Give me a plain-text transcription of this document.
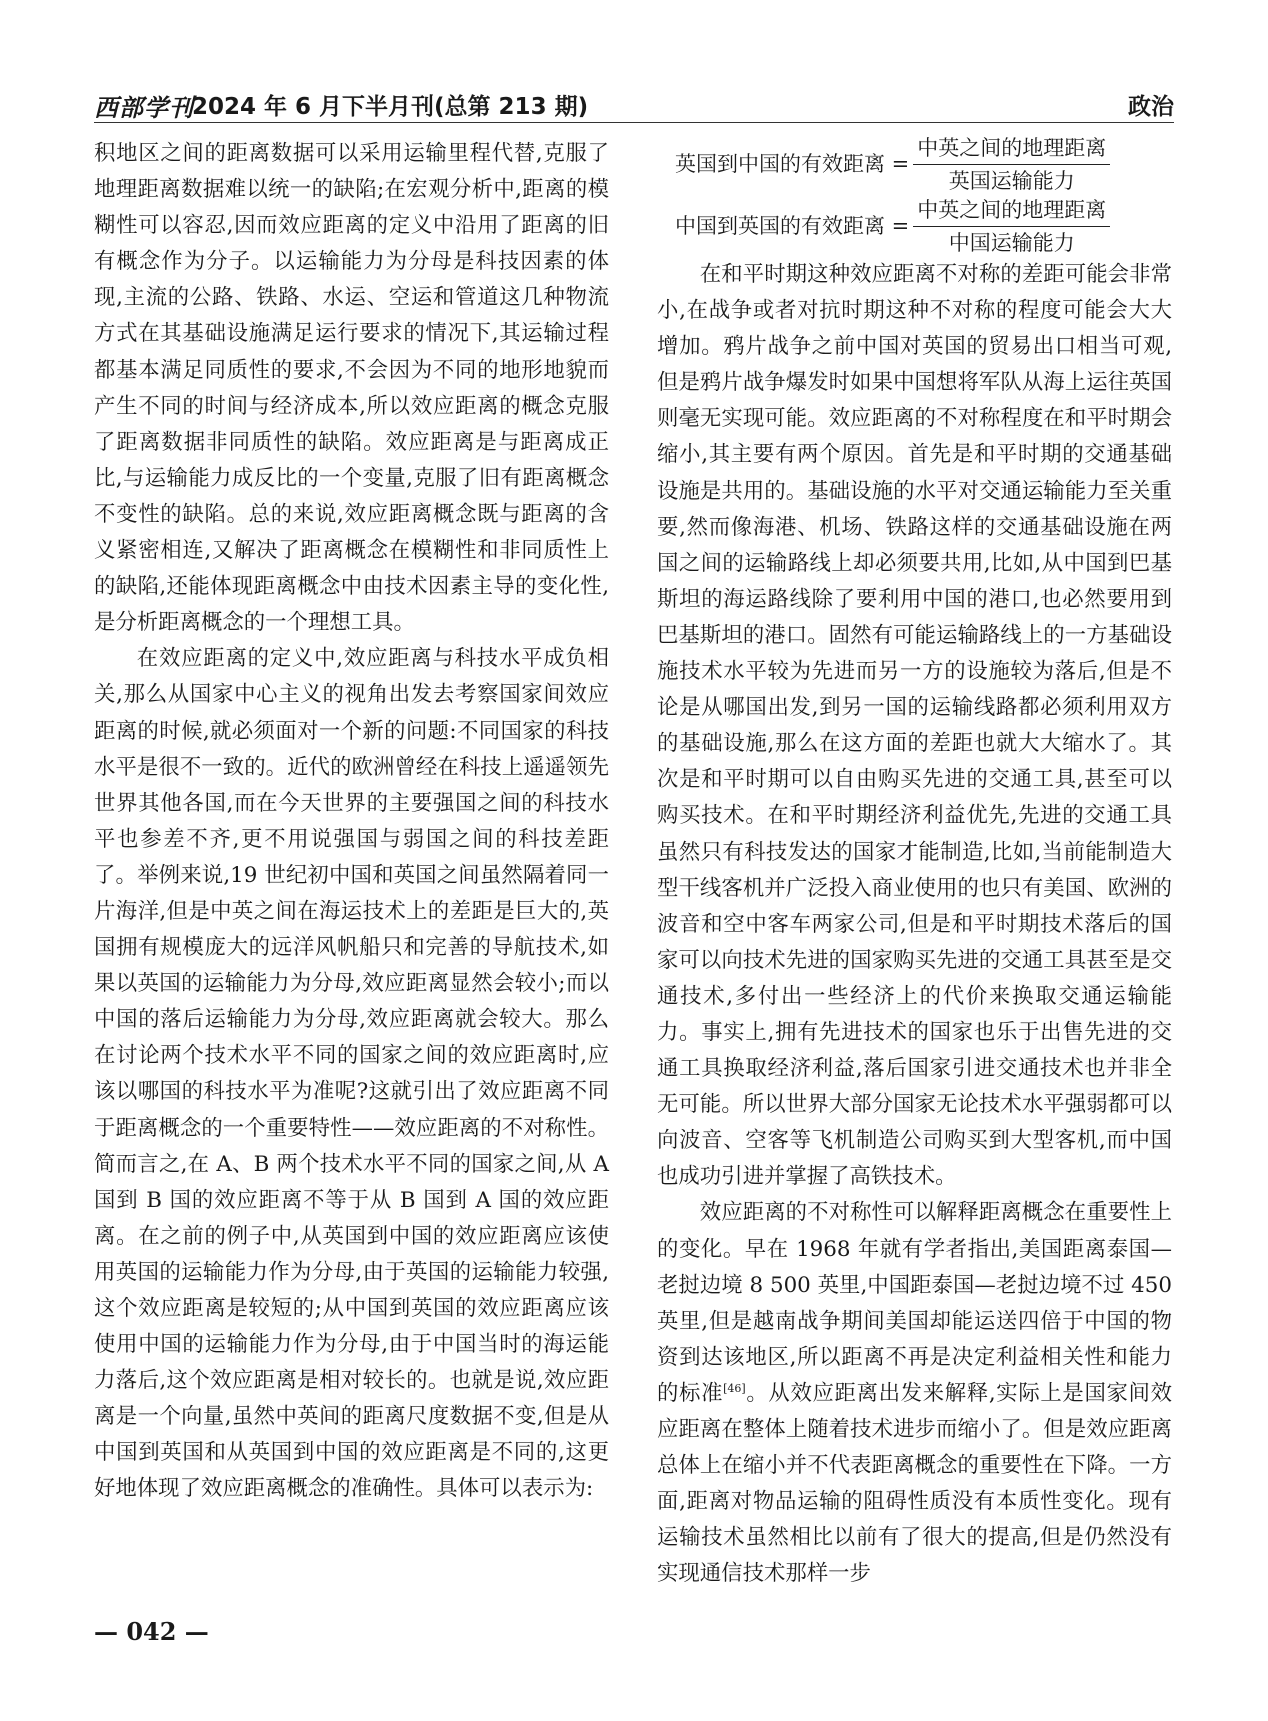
西部学刊
2024 年 6 月下半月刊(总第 213 期)	政治

积地区之间的距离数据可以采用运输里程代替,克服了地理距离数据难以统一的缺陷;在宏观分析中,距离的模糊性可以容忍,因而效应距离的定义中沿用了距离的旧有概念作为分子。以运输能力为分母是科技因素的体现,主流的公路、铁路、水运、空运和管道这几种物流方式在其基础设施满足运行要求的情况下,其运输过程都基本满足同质性的要求,不会因为不同的地形地貌而产生不同的时间与经济成本,所以效应距离的概念克服了距离数据非同质性的缺陷。效应距离是与距离成正比,与运输能力成反比的一个变量,克服了旧有距离概念不变性的缺陷。总的来说,效应距离概念既与距离的含义紧密相连,又解决了距离概念在模糊性和非同质性上的缺陷,还能体现距离概念中由技术因素主导的变化性,是分析距离概念的一个理想工具。

在效应距离的定义中,效应距离与科技水平成负相关,那么从国家中心主义的视角出发去考察国家间效应距离的时候,就必须面对一个新的问题:不同国家的科技水平是很不一致的。近代的欧洲曾经在科技上遥遥领先世界其他各国,而在今天世界的主要强国之间的科技水平也参差不齐,更不用说强国与弱国之间的科技差距了。举例来说,19 世纪初中国和英国之间虽然隔着同一片海洋,但是中英之间在海运技术上的差距是巨大的,英国拥有规模庞大的远洋风帆船只和完善的导航技术,如果以英国的运输能力为分母,效应距离显然会较小;而以中国的落后运输能力为分母,效应距离就会较大。那么在讨论两个技术水平不同的国家之间的效应距离时,应该以哪国的科技水平为准呢?这就引出了效应距离不同于距离概念的一个重要特性——效应距离的不对称性。简而言之,在 A、B 两个技术水平不同的国家之间,从 A 国到 B 国的效应距离不等于从 B 国到 A 国的效应距离。在之前的例子中,从英国到中国的效应距离应该使用英国的运输能力作为分母,由于英国的运输能力较强,这个效应距离是较短的;从中国到英国的效应距离应该使用中国的运输能力作为分母,由于中国当时的海运能力落后,这个效应距离是相对较长的。也就是说,效应距离是一个向量,虽然中英间的距离尺度数据不变,但是从中国到英国和从英国到中国的效应距离是不同的,这更好地体现了效应距离概念的准确性。具体可以表示为:

英国到中国的有效距离 = $\frac{\text{中英之间的地理距离}}{\text{英国运输能力}}$
中国到英国的有效距离 = $\frac{\text{中英之间的地理距离}}{\text{中国运输能力}}$

在和平时期这种效应距离不对称的差距可能会非常小,在战争或者对抗时期这种不对称的程度可能会大大增加。鸦片战争之前中国对英国的贸易出口相当可观,但是鸦片战争爆发时如果中国想将军队从海上运往英国则毫无实现可能。效应距离的不对称程度在和平时期会缩小,其主要有两个原因。首先是和平时期的交通基础设施是共用的。基础设施的水平对交通运输能力至关重要,然而像海港、机场、铁路这样的交通基础设施在两国之间的运输路线上却必须要共用,比如,从中国到巴基斯坦的海运路线除了要利用中国的港口,也必然要用到巴基斯坦的港口。固然有可能运输路线上的一方基础设施技术水平较为先进而另一方的设施较为落后,但是不论是从哪国出发,到另一国的运输线路都必须利用双方的基础设施,那么在这方面的差距也就大大缩水了。其次是和平时期可以自由购买先进的交通工具,甚至可以购买技术。在和平时期经济利益优先,先进的交通工具虽然只有科技发达的国家才能制造,比如,当前能制造大型干线客机并广泛投入商业使用的也只有美国、欧洲的波音和空中客车两家公司,但是和平时期技术落后的国家可以向技术先进的国家购买先进的交通工具甚至是交通技术,多付出一些经济上的代价来换取交通运输能力。事实上,拥有先进技术的国家也乐于出售先进的交通工具换取经济利益,落后国家引进交通技术也并非全无可能。所以世界大部分国家无论技术水平强弱都可以向波音、空客等飞机制造公司购买到大型客机,而中国也成功引进并掌握了高铁技术。

效应距离的不对称性可以解释距离概念在重要性上的变化。早在 1968 年就有学者指出,美国距离泰国—老挝边境 8 500 英里,中国距泰国—老挝边境不过 450 英里,但是越南战争期间美国却能运送四倍于中国的物资到达该地区,所以距离不再是决定利益相关性和能力的标准[46]。从效应距离出发来解释,实际上是国家间效应距离在整体上随着技术进步而缩小了。但是效应距离总体上在缩小并不代表距离概念的重要性在下降。一方面,距离对物品运输的阻碍性质没有本质性变化。现有运输技术虽然相比以前有了很大的提高,但是仍然没有实现通信技术那样一步

— 042 —
